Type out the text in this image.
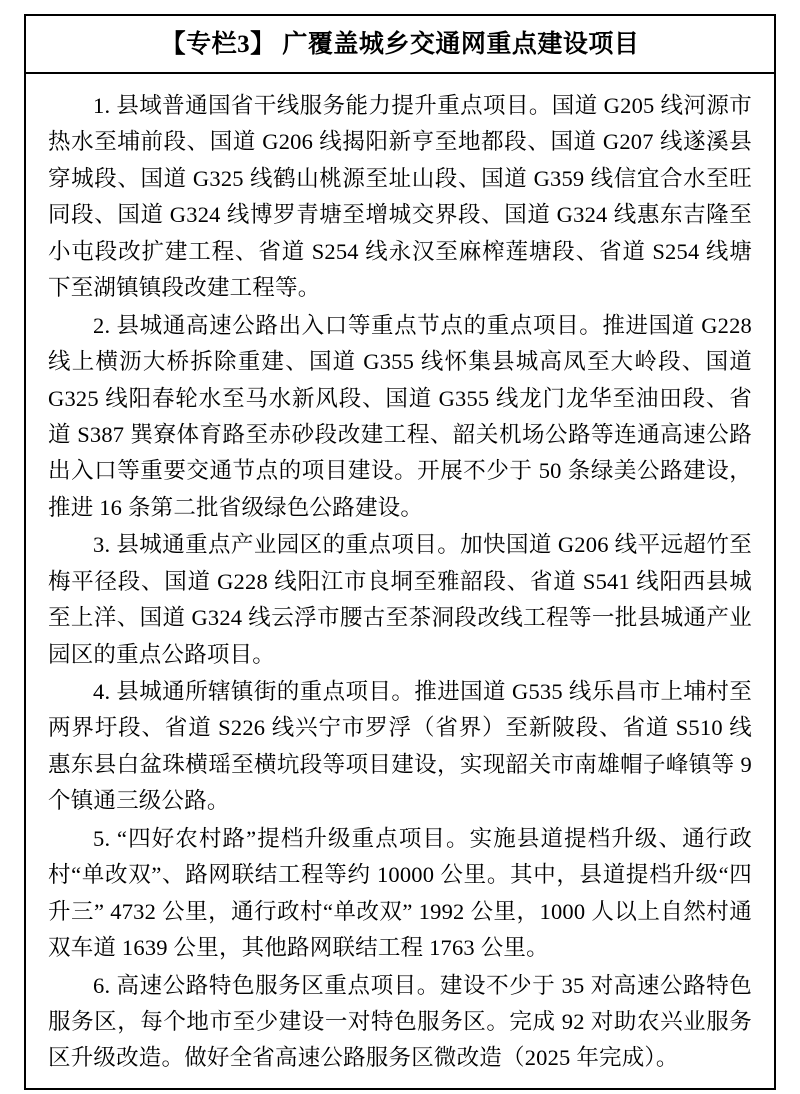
【专栏3】 广覆盖城乡交通网重点建设项目

1. 县域普通国省干线服务能力提升重点项目。国道 G205 线河源市热水至埔前段、国道 G206 线揭阳新亨至地都段、国道 G207 线遂溪县穿城段、国道 G325 线鹤山桃源至址山段、国道 G359 线信宜合水至旺同段、国道 G324 线博罗青塘至增城交界段、国道 G324 线惠东吉隆至小屯段改扩建工程、省道 S254 线永汉至麻榨莲塘段、省道 S254 线塘下至湖镇镇段改建工程等。

2. 县城通高速公路出入口等重点节点的重点项目。推进国道 G228 线上横沥大桥拆除重建、国道 G355 线怀集县城高凤至大岭段、国道 G325 线阳春轮水至马水新风段、国道 G355 线龙门龙华至油田段、省道 S387 巽寮体育路至赤砂段改建工程、韶关机场公路等连通高速公路出入口等重要交通节点的项目建设。开展不少于 50 条绿美公路建设，推进 16 条第二批省级绿色公路建设。

3. 县城通重点产业园区的重点项目。加快国道 G206 线平远超竹至梅平径段、国道 G228 线阳江市良垌至雅韶段、省道 S541 线阳西县城至上洋、国道 G324 线云浮市腰古至茶洞段改线工程等一批县城通产业园区的重点公路项目。

4. 县城通所辖镇街的重点项目。推进国道 G535 线乐昌市上埔村至两界圩段、省道 S226 线兴宁市罗浮（省界）至新陂段、省道 S510 线惠东县白盆珠横瑶至横坑段等项目建设，实现韶关市南雄帽子峰镇等 9 个镇通三级公路。

5. “四好农村路”提档升级重点项目。实施县道提档升级、通行政村“单改双”、路网联结工程等约 10000 公里。其中，县道提档升级“四升三” 4732 公里，通行政村“单改双” 1992 公里，1000 人以上自然村通双车道 1639 公里，其他路网联结工程 1763 公里。

6. 高速公路特色服务区重点项目。建设不少于 35 对高速公路特色服务区，每个地市至少建设一对特色服务区。完成 92 对助农兴业服务区升级改造。做好全省高速公路服务区微改造（2025 年完成）。
